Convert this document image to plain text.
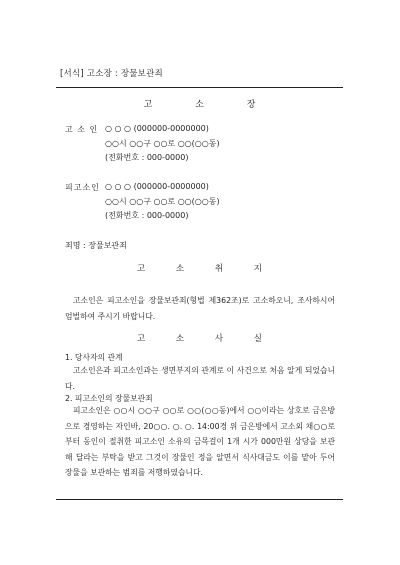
[서식] 고소장 : 장물보관죄
고 소 장
고 소 인 ○ ○ ○ (000000-0000000)
○○시 ○○구 ○○로 ○○(○○동)
(전화번호 : 000-0000)
피고소인 ○ ○ ○ (000000-0000000)
○○시 ○○구 ○○로 ○○(○○동)
(전화번호 : 000-0000)
죄명 : 장물보관죄
고 소 취 지
고소인은 피고소인을 장물보관죄(형법 제362조)로 고소하오니, 조사하시어 엄벌하여 주시기 바랍니다.
고 소 사 실
1. 당사자의 관계
고소인은과 피고소인과는 생면부지의 관계로 이 사건으로 처음 알게 되었습니다.
2. 피고소인의 장물보관죄
피고소인은 ○○시 ○○구 ○○로 ○○(○○동)에서 ○○이라는 상호로 금은방으로 경영하는 자인바, 20○○. ○. ○. 14:00경 위 금은방에서 고소외 채○○로부터 동인이 절취한 피고소인 소유의 금목걸이 1개 시가 000만원 상당을 보관해 달라는 부탁을 받고 그것이 장물인 정을 알면서 식사대금도 이를 맡아 두어 장물을 보관하는 범죄를 저행하였습니다.
